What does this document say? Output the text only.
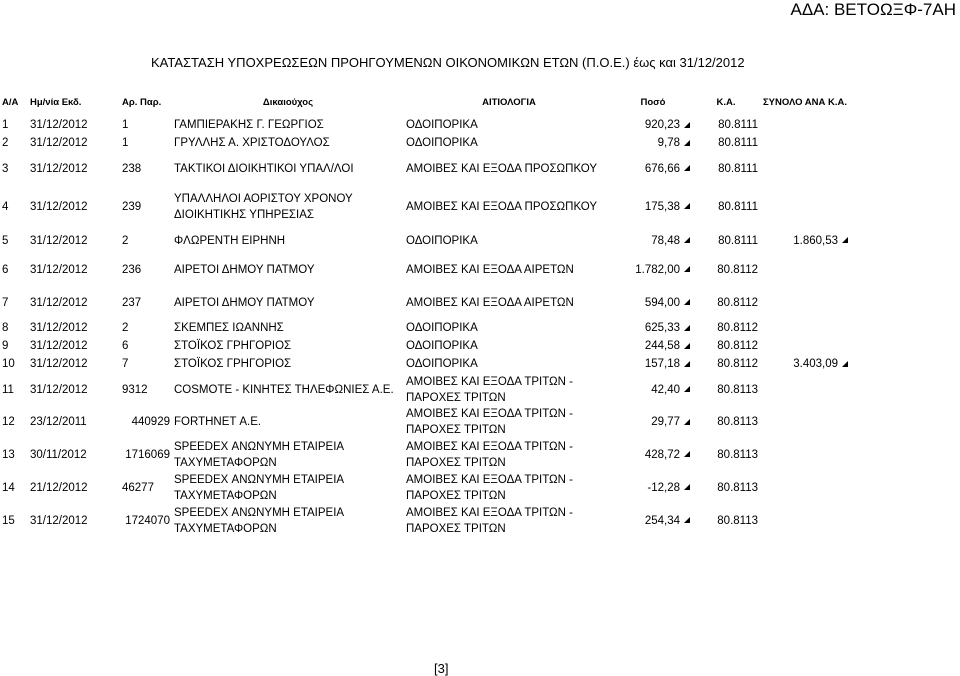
ΑΔΑ: ΒΕΤΟΩΞΦ-7ΑΗ
ΚΑΤΑΣΤΑΣΗ ΥΠΟΧΡΕΩΣΕΩΝ ΠΡΟΗΓΟΥΜΕΝΩΝ ΟΙΚΟΝΟΜΙΚΩΝ ΕΤΩΝ (Π.Ο.Ε.) έως και 31/12/2012
Α/Α	Ημ/νία Εκδ.	Αρ. Παρ.	Δικαιούχος	ΑΙΤΙΟΛΟΓΙΑ	Ποσό	Κ.Α.	ΣΥΝΟΛΟ ΑΝΑ Κ.Α.
1	31/12/2012	1	ΓΑΜΠΙΕΡΑΚΗΣ Γ. ΓΕΩΡΓΙΟΣ	ΟΔΟΙΠΟΡΙΚΑ	920,23	80.8111	
2	31/12/2012	1	ΓΡΥΛΛΗΣ Α. ΧΡΙΣΤΟΔΟΥΛΟΣ	ΟΔΟΙΠΟΡΙΚΑ	9,78	80.8111	
3	31/12/2012	238	ΤΑΚΤΙΚΟΙ ΔΙΟΙΚΗΤΙΚΟΙ ΥΠΑΛ/ΛΟΙ	ΑΜΟΙΒΕΣ ΚΑΙ ΕΞΟΔΑ ΠΡΟΣΩΠΚΟΥ	676,66	80.8111	
4	31/12/2012	239	ΥΠΑΛΛΗΛΟΙ ΑΟΡΙΣΤΟΥ ΧΡΟΝΟΥ ΔΙΟΙΚΗΤΙΚΗΣ ΥΠΗΡΕΣΙΑΣ	ΑΜΟΙΒΕΣ ΚΑΙ ΕΞΟΔΑ ΠΡΟΣΩΠΚΟΥ	175,38	80.8111	
5	31/12/2012	2	ΦΛΩΡΕΝΤΗ ΕΙΡΗΝΗ	ΟΔΟΙΠΟΡΙΚΑ	78,48	80.8111	1.860,53
6	31/12/2012	236	ΑΙΡΕΤΟΙ ΔΗΜΟΥ ΠΑΤΜΟΥ	ΑΜΟΙΒΕΣ ΚΑΙ ΕΞΟΔΑ ΑΙΡΕΤΩΝ	1.782,00	80.8112	
7	31/12/2012	237	ΑΙΡΕΤΟΙ ΔΗΜΟΥ ΠΑΤΜΟΥ	ΑΜΟΙΒΕΣ ΚΑΙ ΕΞΟΔΑ ΑΙΡΕΤΩΝ	594,00	80.8112	
8	31/12/2012	2	ΣΚΕΜΠΕΣ ΙΩΑΝΝΗΣ	ΟΔΟΙΠΟΡΙΚΑ	625,33	80.8112	
9	31/12/2012	6	ΣΤΟΪΚΟΣ ΓΡΗΓΟΡΙΟΣ	ΟΔΟΙΠΟΡΙΚΑ	244,58	80.8112	
10	31/12/2012	7	ΣΤΟΪΚΟΣ ΓΡΗΓΟΡΙΟΣ	ΟΔΟΙΠΟΡΙΚΑ	157,18	80.8112	3.403,09
11	31/12/2012	9312	COSMOTE - ΚΙΝΗΤΕΣ ΤΗΛΕΦΩΝΙΕΣ Α.Ε.	ΑΜΟΙΒΕΣ ΚΑΙ ΕΞΟΔΑ ΤΡΙΤΩΝ - ΠΑΡΟΧΕΣ ΤΡΙΤΩΝ	42,40	80.8113	
12	23/12/2011	440929	FORTHNET Α.Ε.	ΑΜΟΙΒΕΣ ΚΑΙ ΕΞΟΔΑ ΤΡΙΤΩΝ - ΠΑΡΟΧΕΣ ΤΡΙΤΩΝ	29,77	80.8113	
13	30/11/2012	1716069	SPEEDEX ΑΝΩΝΥΜΗ ΕΤΑΙΡΕΙΑ ΤΑΧΥΜΕΤΑΦΟΡΩΝ	ΑΜΟΙΒΕΣ ΚΑΙ ΕΞΟΔΑ ΤΡΙΤΩΝ - ΠΑΡΟΧΕΣ ΤΡΙΤΩΝ	428,72	80.8113	
14	21/12/2012	46277	SPEEDEX ΑΝΩΝΥΜΗ ΕΤΑΙΡΕΙΑ ΤΑΧΥΜΕΤΑΦΟΡΩΝ	ΑΜΟΙΒΕΣ ΚΑΙ ΕΞΟΔΑ ΤΡΙΤΩΝ - ΠΑΡΟΧΕΣ ΤΡΙΤΩΝ	-12,28	80.8113	
15	31/12/2012	1724070	SPEEDEX ΑΝΩΝΥΜΗ ΕΤΑΙΡΕΙΑ ΤΑΧΥΜΕΤΑΦΟΡΩΝ	ΑΜΟΙΒΕΣ ΚΑΙ ΕΞΟΔΑ ΤΡΙΤΩΝ - ΠΑΡΟΧΕΣ ΤΡΙΤΩΝ	254,34	80.8113	
[3]
